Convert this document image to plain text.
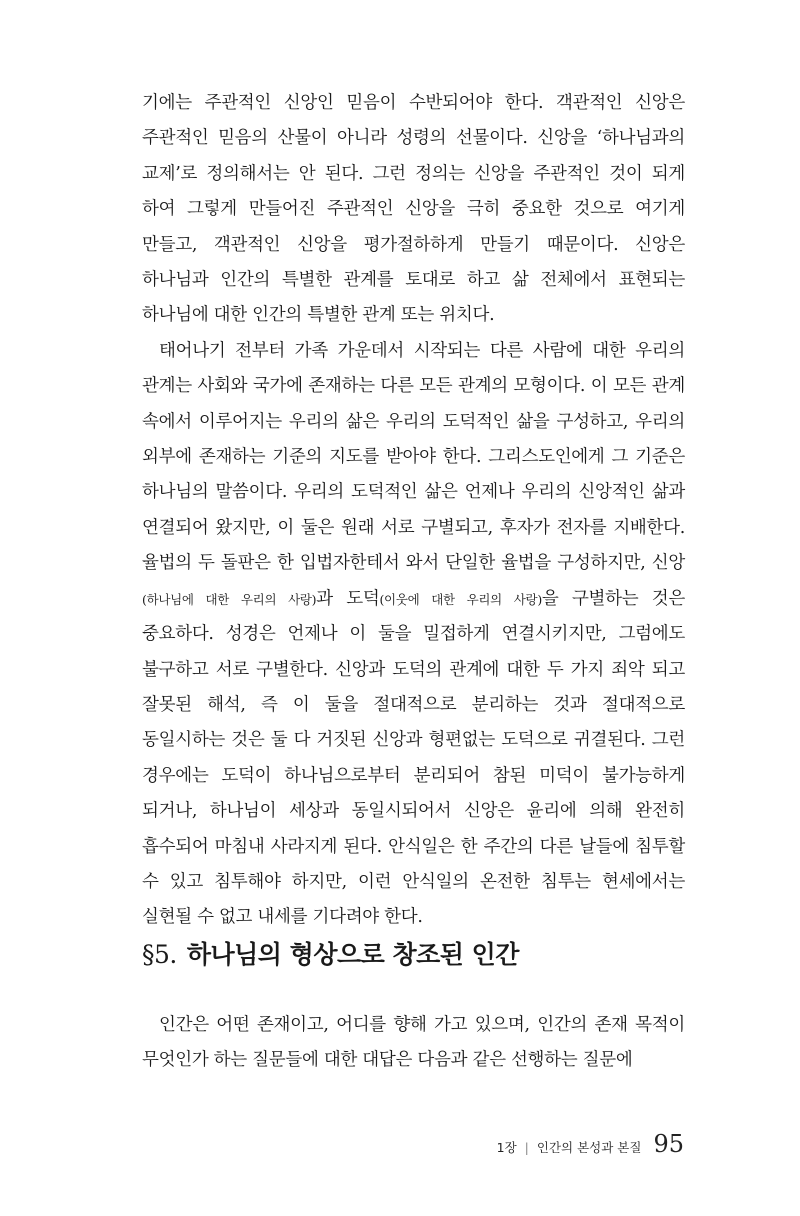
기에는 주관적인 신앙인 믿음이 수반되어야 한다. 객관적인 신앙은 주관적인 믿음의 산물이 아니라 성령의 선물이다. 신앙을 ‘하나님과의 교제’로 정의해서는 안 된다. 그런 정의는 신앙을 주관적인 것이 되게 하여 그렇게 만들어진 주관적인 신앙을 극히 중요한 것으로 여기게 만들고, 객관적인 신앙을 평가절하하게 만들기 때문이다. 신앙은 하나님과 인간의 특별한 관계를 토대로 하고 삶 전체에서 표현되는 하나님에 대한 인간의 특별한 관계 또는 위치다.

태어나기 전부터 가족 가운데서 시작되는 다른 사람에 대한 우리의 관계는 사회와 국가에 존재하는 다른 모든 관계의 모형이다. 이 모든 관계 속에서 이루어지는 우리의 삶은 우리의 도덕적인 삶을 구성하고, 우리의 외부에 존재하는 기준의 지도를 받아야 한다. 그리스도인에게 그 기준은 하나님의 말씀이다. 우리의 도덕적인 삶은 언제나 우리의 신앙적인 삶과 연결되어 왔지만, 이 둘은 원래 서로 구별되고, 후자가 전자를 지배한다. 율법의 두 돌판은 한 입법자한테서 와서 단일한 율법을 구성하지만, 신앙(하나님에 대한 우리의 사랑)과 도덕(이웃에 대한 우리의 사랑)을 구별하는 것은 중요하다. 성경은 언제나 이 둘을 밀접하게 연결시키지만, 그럼에도 불구하고 서로 구별한다. 신앙과 도덕의 관계에 대한 두 가지 죄악 되고 잘못된 해석, 즉 이 둘을 절대적으로 분리하는 것과 절대적으로 동일시하는 것은 둘 다 거짓된 신앙과 형편없는 도덕으로 귀결된다. 그런 경우에는 도덕이 하나님으로부터 분리되어 참된 미덕이 불가능하게 되거나, 하나님이 세상과 동일시되어서 신앙은 윤리에 의해 완전히 흡수되어 마침내 사라지게 된다. 안식일은 한 주간의 다른 날들에 침투할 수 있고 침투해야 하지만, 이런 안식일의 온전한 침투는 현세에서는 실현될 수 없고 내세를 기다려야 한다.

§5. 하나님의 형상으로 창조된 인간

인간은 어떤 존재이고, 어디를 향해 가고 있으며, 인간의 존재 목적이 무엇인가 하는 질문들에 대한 대답은 다음과 같은 선행하는 질문에

1장 | 인간의 본성과 본질 95
